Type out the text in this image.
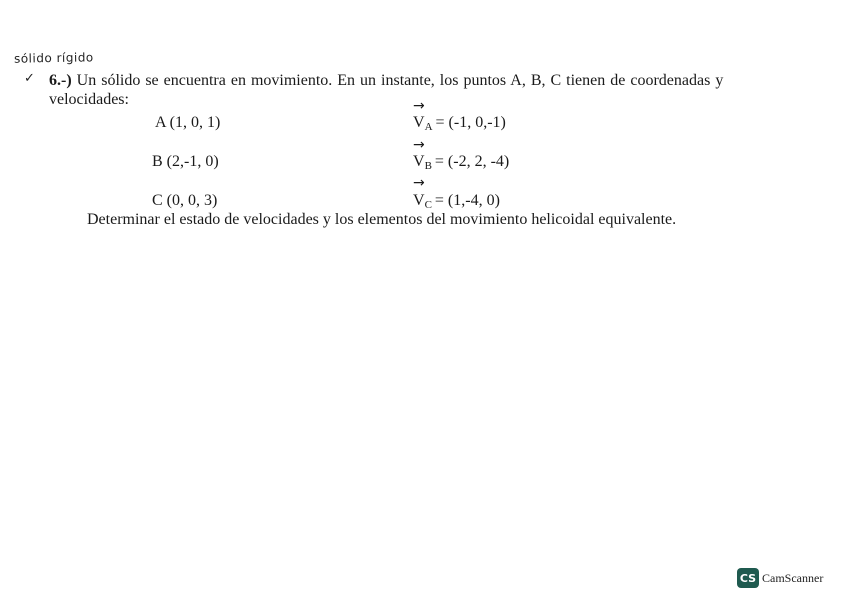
sólido rígido
✓ 6.-) Un sólido se encuentra en movimiento. En un instante, los puntos A, B, C tienen de coordenadas y
velocidades:
A (1, 0, 1)
B (2,-1, 0)
C (0, 0, 3)
→
$V_A = (-1$, 0,-1)
→
$V_B = (-2$, 2, -4)
→
$V_C = (1,-4$, 0)
Determinar el estado de velocidades y los elementos del movimiento helicoidal equivalente.
CS CamScanner
